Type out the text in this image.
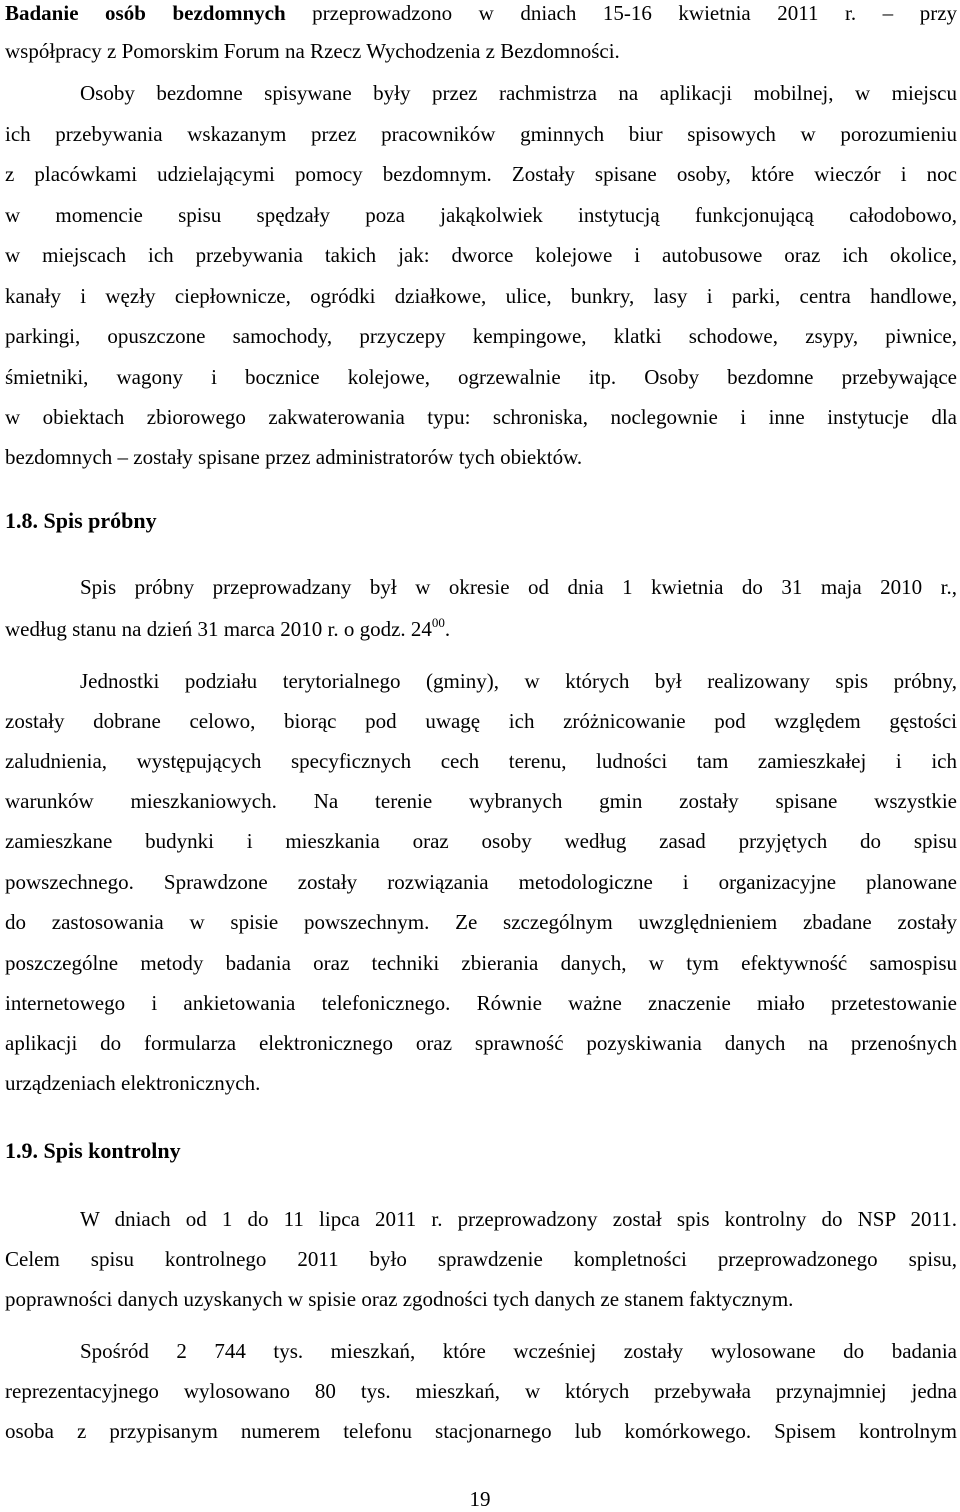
Badanie osób bezdomnych przeprowadzono w dniach 15-16 kwietnia 2011 r. – przy
współpracy z Pomorskim Forum na Rzecz Wychodzenia z Bezdomności.
Osoby bezdomne spisywane były przez rachmistrza na aplikacji mobilnej, w miejscu
ich przebywania wskazanym przez pracowników gminnych biur spisowych w porozumieniu
z placówkami udzielającymi pomocy bezdomnym. Zostały spisane osoby, które wieczór i noc
w momencie spisu spędzały poza jakąkolwiek instytucją funkcjonującą całodobowo,
w miejscach ich przebywania takich jak: dworce kolejowe i autobusowe oraz ich okolice,
kanały i węzły ciepłownicze, ogródki działkowe, ulice, bunkry, lasy i parki, centra handlowe,
parkingi, opuszczone samochody, przyczepy kempingowe, klatki schodowe, zsypy, piwnice,
śmietniki, wagony i bocznice kolejowe, ogrzewalnie itp. Osoby bezdomne przebywające
w obiektach zbiorowego zakwaterowania typu: schroniska, noclegownie i inne instytucje dla
bezdomnych – zostały spisane przez administratorów tych obiektów.
1.8. Spis próbny
Spis próbny przeprowadzany był w okresie od dnia 1 kwietnia do 31 maja 2010 r.,
według stanu na dzień 31 marca 2010 r. o godz. $24^{00}$.
Jednostki podziału terytorialnego (gminy), w których był realizowany spis próbny,
zostały dobrane celowo, biorąc pod uwagę ich zróżnicowanie pod względem gęstości
zaludnienia, występujących specyficznych cech terenu, ludności tam zamieszkałej i ich
warunków mieszkaniowych. Na terenie wybranych gmin zostały spisane wszystkie
zamieszkane budynki i mieszkania oraz osoby według zasad przyjętych do spisu
powszechnego. Sprawdzone zostały rozwiązania metodologiczne i organizacyjne planowane
do zastosowania w spisie powszechnym. Ze szczególnym uwzględnieniem zbadane zostały
poszczególne metody badania oraz techniki zbierania danych, w tym efektywność samospisu
internetowego i ankietowania telefonicznego. Równie ważne znaczenie miało przetestowanie
aplikacji do formularza elektronicznego oraz sprawność pozyskiwania danych na przenośnych
urządzeniach elektronicznych.
1.9. Spis kontrolny
W dniach od 1 do 11 lipca 2011 r. przeprowadzony został spis kontrolny do NSP 2011.
Celem spisu kontrolnego 2011 było sprawdzenie kompletności przeprowadzonego spisu,
poprawności danych uzyskanych w spisie oraz zgodności tych danych ze stanem faktycznym.
Spośród 2 744 tys. mieszkań, które wcześniej zostały wylosowane do badania
reprezentacyjnego wylosowano 80 tys. mieszkań, w których przebywała przynajmniej jedna
osoba z przypisanym numerem telefonu stacjonarnego lub komórkowego. Spisem kontrolnym
19
